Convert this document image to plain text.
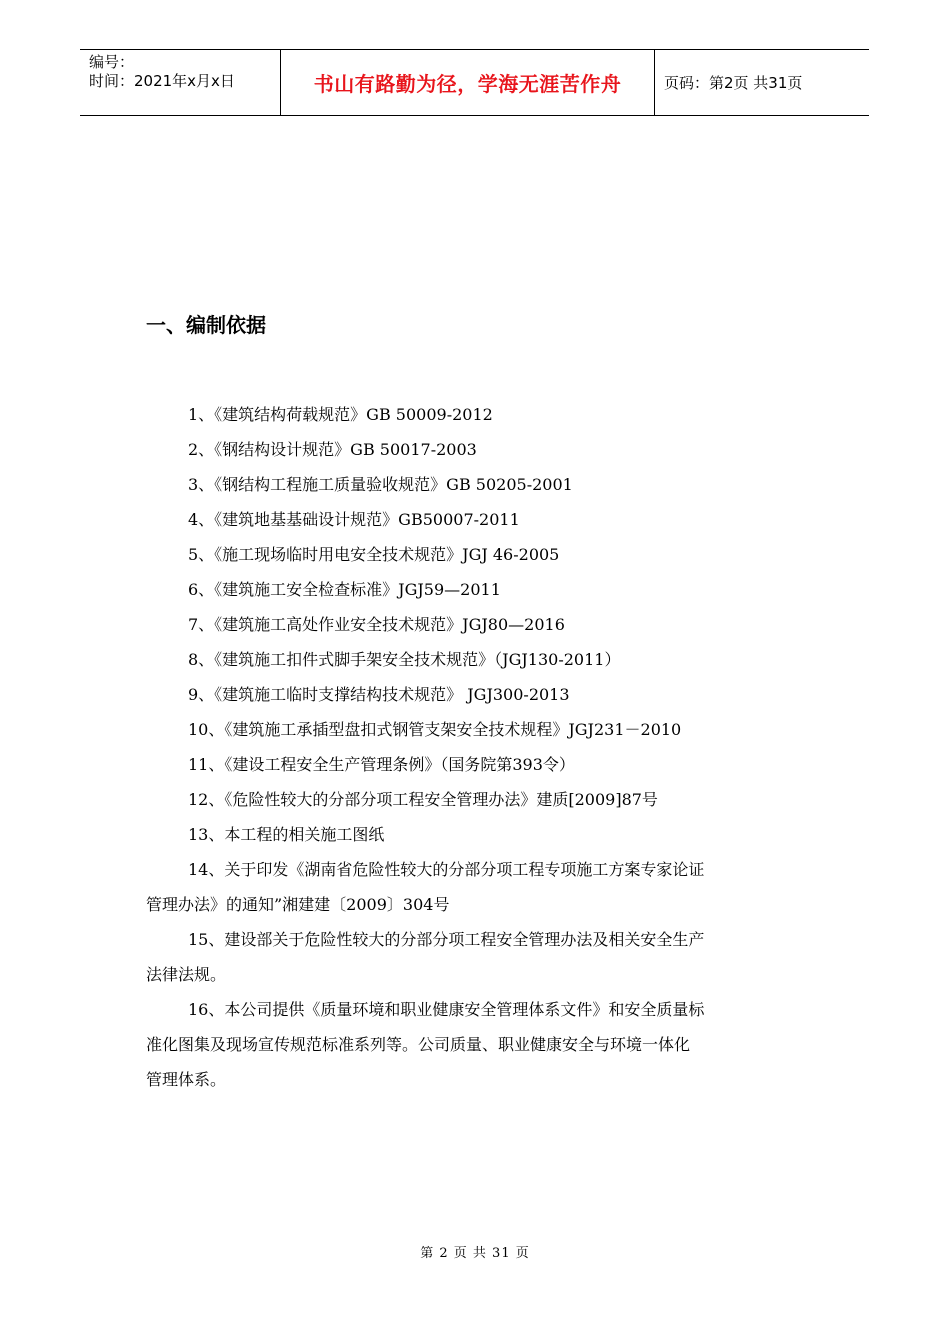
编号：
时间：2021年x月x日	书山有路勤为径，学海无涯苦作舟	页码：第2页 共31页
一、编制依据
1、《建筑结构荷载规范》GB 50009-2012
2、《钢结构设计规范》GB 50017-2003
3、《钢结构工程施工质量验收规范》GB 50205-2001
4、《建筑地基基础设计规范》GB50007-2011
5、《施工现场临时用电安全技术规范》JGJ 46-2005
6、《建筑施工安全检查标准》JGJ59—2011
7、《建筑施工高处作业安全技术规范》JGJ80—2016
8、《建筑施工扣件式脚手架安全技术规范》（JGJ130-2011）
9、《建筑施工临时支撑结构技术规范》 JGJ300-2013
10、《建筑施工承插型盘扣式钢管支架安全技术规程》JGJ231－2010
11、《建设工程安全生产管理条例》（国务院第393令）
12、《危险性较大的分部分项工程安全管理办法》建质[2009]87号
13、本工程的相关施工图纸
14、关于印发《湖南省危险性较大的分部分项工程专项施工方案专家论证
管理办法》的通知”湘建建〔2009〕304号
15、建设部关于危险性较大的分部分项工程安全管理办法及相关安全生产
法律法规。
16、本公司提供《质量环境和职业健康安全管理体系文件》和安全质量标
准化图集及现场宣传规范标准系列等。公司质量、职业健康安全与环境一体化
管理体系。
第 2 页 共 31 页
